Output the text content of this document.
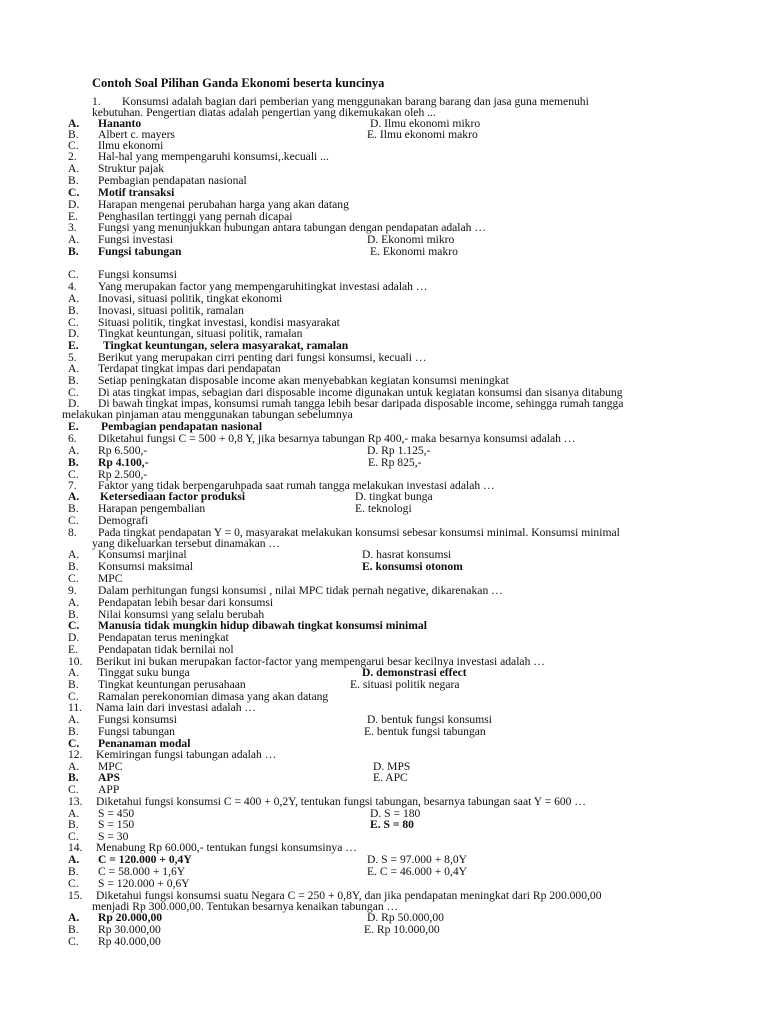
Contoh Soal Pilihan Ganda Ekonomi beserta kuncinya
1. Konsumsi adalah bagian dari pemberian yang menggunakan barang barang dan jasa guna memenuhi
kebutuhan. Pengertian diatas adalah pengertian yang dikemukakan oleh ...
A. Hananto	D. Ilmu ekonomi mikro
B. Albert c. mayers	E. Ilmu ekonomi makro
C. Ilmu ekonomi
2. Hal-hal yang mempengaruhi konsumsi,.kecuali ...
A. Struktur pajak
B. Pembagian pendapatan nasional
C. Motif transaksi
D. Harapan mengenai perubahan harga yang akan datang
E. Penghasilan tertinggi yang pernah dicapai
3. Fungsi yang menunjukkan hubungan antara tabungan dengan pendapatan adalah …
A. Fungsi investasi	D. Ekonomi mikro
B. Fungsi tabungan	E. Ekonomi makro
C. Fungsi konsumsi
4. Yang merupakan factor yang mempengaruhitingkat investasi adalah …
A. Inovasi, situasi politik, tingkat ekonomi
B. Inovasi, situasi politik, ramalan
C. Situasi politik, tingkat investasi, kondisi masyarakat
D. Tingkat keuntungan, situasi politik, ramalan
E. Tingkat keuntungan, selera masyarakat, ramalan
5. Berikut yang merupakan cirri penting dari fungsi konsumsi, kecuali …
A. Terdapat tingkat impas dari pendapatan
B. Setiap peningkatan disposable income akan menyebabkan kegiatan konsumsi meningkat
C. Di atas tingkat impas, sebagian dari disposable income digunakan untuk kegiatan konsumsi dan sisanya ditabung
D. Di bawah tingkat impas, konsumsi rumah tangga lebih besar daripada disposable income, sehingga rumah tangga
melakukan pinjaman atau menggunakan tabungan sebelumnya
E. Pembagian pendapatan nasional
6. Diketahui fungsi C = 500 + 0,8 Y, jika besarnya tabungan Rp 400,- maka besarnya konsumsi adalah …
A. Rp 6.500,-	D. Rp 1.125,-
B. Rp 4.100,-	E. Rp 825,-
C. Rp 2.500,-
7. Faktor yang tidak berpengaruhpada saat rumah tangga melakukan investasi adalah …
A. Ketersediaan factor produksi	D. tingkat bunga
B. Harapan pengembalian	E. teknologi
C. Demografi
8. Pada tingkat pendapatan Y = 0, masyarakat melakukan konsumsi sebesar konsumsi minimal. Konsumsi minimal
yang dikeluarkan tersebut dinamakan …
A. Konsumsi marjinal	D. hasrat konsumsi
B. Konsumsi maksimal	E. konsumsi otonom
C. MPC
9. Dalam perhitungan fungsi konsumsi , nilai MPC tidak pernah negative, dikarenakan …
A. Pendapatan lebih besar dari konsumsi
B. Nilai konsumsi yang selalu berubah
C. Manusia tidak mungkin hidup dibawah tingkat konsumsi minimal
D. Pendapatan terus meningkat
E. Pendapatan tidak bernilai nol
10. Berikut ini bukan merupakan factor-factor yang mempengarui besar kecilnya investasi adalah …
A. Tinggat suku bunga	D. demonstrasi effect
B. Tingkat keuntungan perusahaan	E. situasi politik negara
C. Ramalan perekonomian dimasa yang akan datang
11. Nama lain dari investasi adalah …
A. Fungsi konsumsi	D. bentuk fungsi konsumsi
B. Fungsi tabungan	E. bentuk fungsi tabungan
C. Penanaman modal
12. Kemiringan fungsi tabungan adalah …
A. MPC	D. MPS
B. APS	E. APC
C. APP
13. Diketahui fungsi konsumsi C = 400 + 0,2Y, tentukan fungsi tabungan, besarnya tabungan saat Y = 600 …
A. S = 450	D. S = 180
B. S = 150	E. S = 80
C. S = 30
14. Menabung Rp 60.000,- tentukan fungsi konsumsinya …
A. C = 120.000 + 0,4Y	D. S = 97.000 + 8,0Y
B. C = 58.000 + 1,6Y	E. C = 46.000 + 0,4Y
C. S = 120.000 + 0,6Y
15. Diketahui fungsi konsumsi suatu Negara C = 250 + 0,8Y, dan jika pendapatan meningkat dari Rp 200.000,00
menjadi Rp 300.000,00. Tentukan besarnya kenaikan tabungan …
A. Rp 20.000,00	D. Rp 50.000,00
B. Rp 30.000,00	E. Rp 10.000,00
C. Rp 40.000,00
